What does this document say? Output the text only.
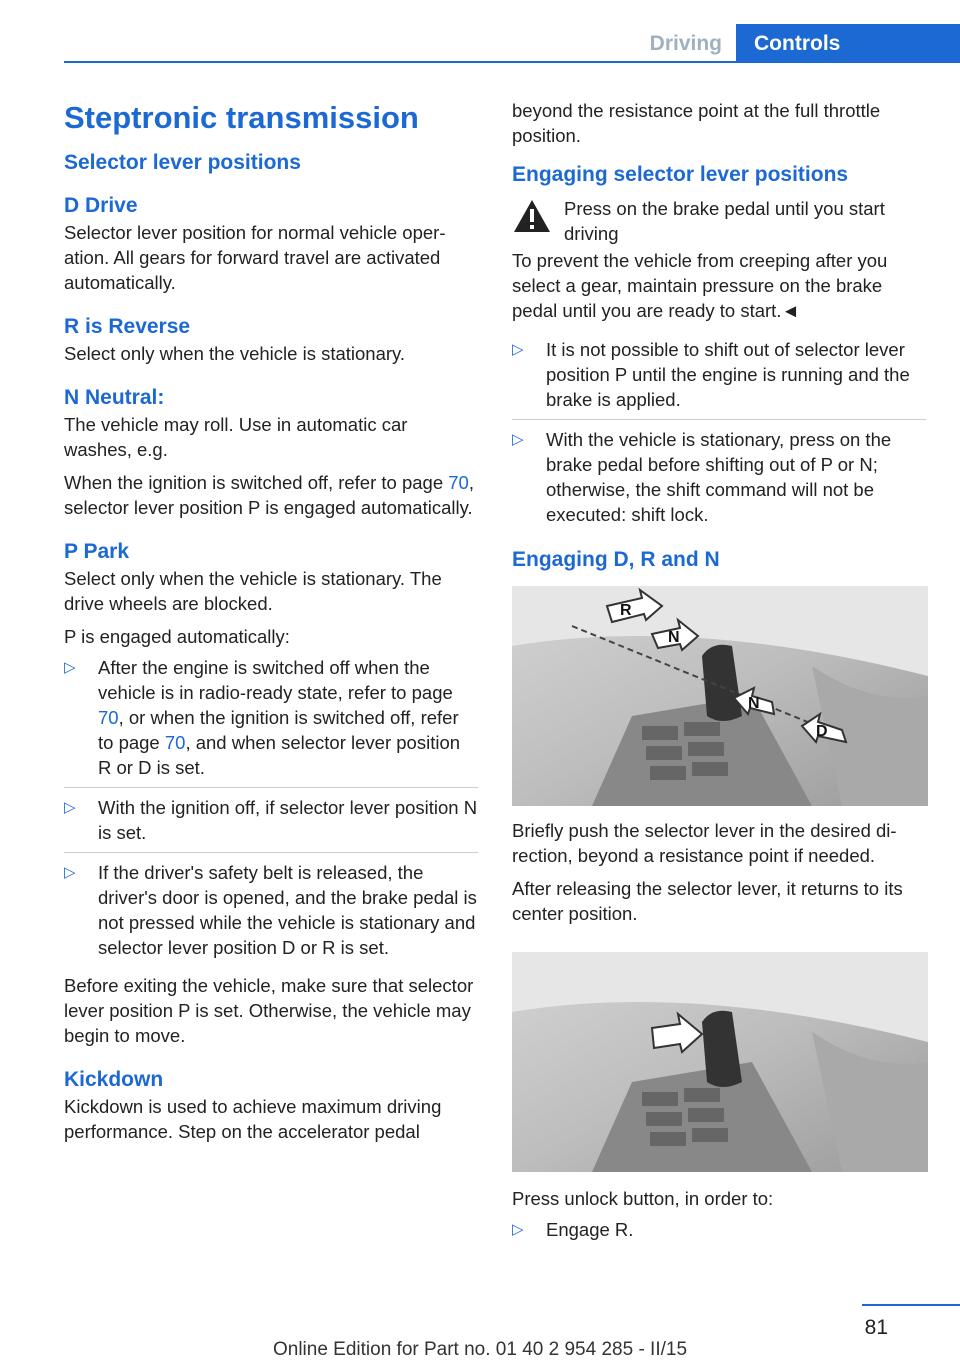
Driving	Controls
Steptronic transmission
Selector lever positions
D Drive

Selector lever position for normal vehicle operation. All gears for forward travel are activated automatically.

R is Reverse

Select only when the vehicle is stationary.

N Neutral:

The vehicle may roll. Use in automatic car washes, e.g.

When the ignition is switched off, refer to page 70, selector lever position P is engaged automatically.

P Park

Select only when the vehicle is stationary. The drive wheels are blocked.

P is engaged automatically:

▷ After the engine is switched off when the vehicle is in radio-ready state, refer to page 70, or when the ignition is switched off, refer to page 70, and when selector lever position R or D is set.
▷ With the ignition off, if selector lever position N is set.
▷ If the driver's safety belt is released, the driver's door is opened, and the brake pedal is not pressed while the vehicle is stationary and selector lever position D or R is set.

Before exiting the vehicle, make sure that selector lever position P is set. Otherwise, the vehicle may begin to move.

Kickdown

Kickdown is used to achieve maximum driving performance. Step on the accelerator pedal

beyond the resistance point at the full throttle position.

Engaging selector lever positions

Press on the brake pedal until you start driving

To prevent the vehicle from creeping after you select a gear, maintain pressure on the brake pedal until you are ready to start.◄

▷ It is not possible to shift out of selector lever position P until the engine is running and the brake is applied.
▷ With the vehicle is stationary, press on the brake pedal before shifting out of P or N; otherwise, the shift command will not be executed: shift lock.
Engaging D, R and N
R
N
N
D

Briefly push the selector lever in the desired direction, beyond a resistance point if needed.

After releasing the selector lever, it returns to its center position.

Press unlock button, in order to:

▷ Engage R.
81
Online Edition for Part no. 01 40 2 954 285 - II/15
